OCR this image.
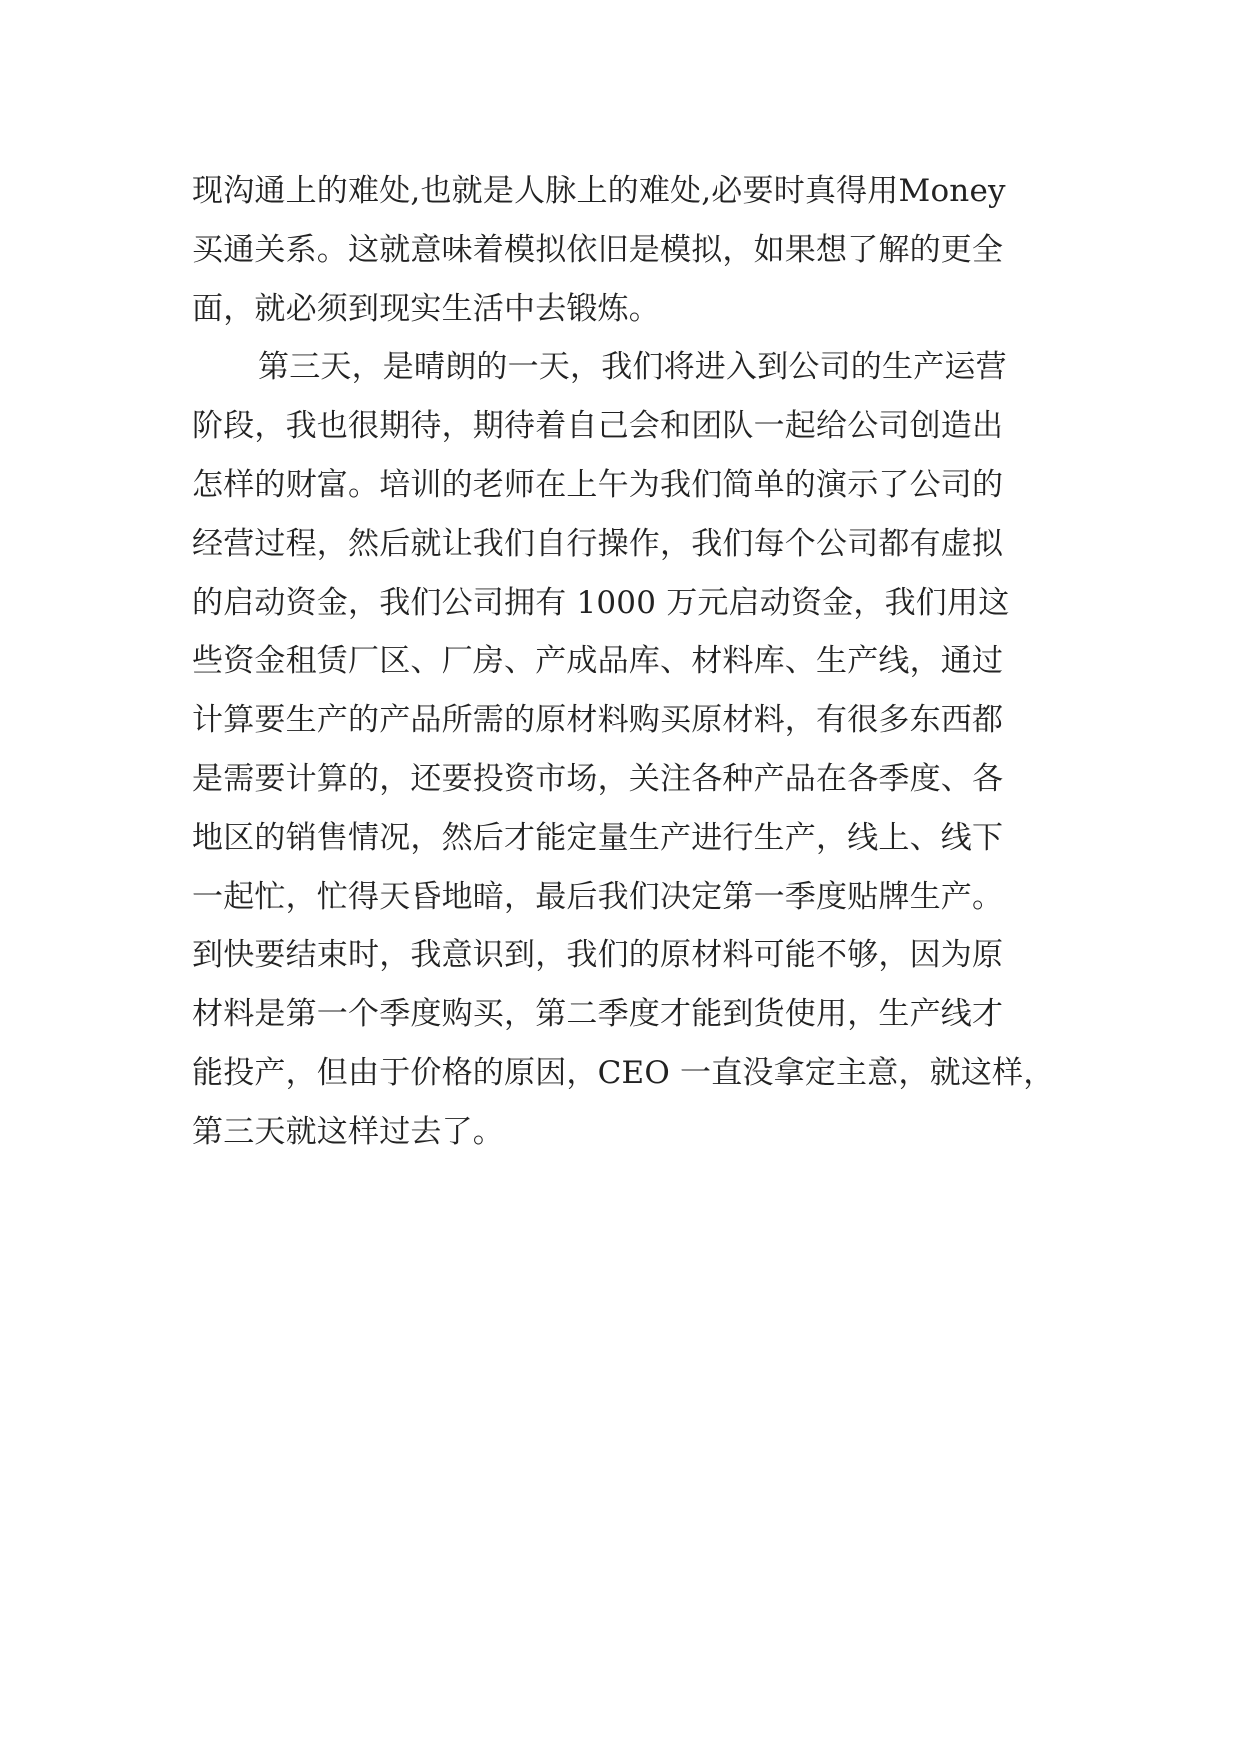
现沟通上的难处,也就是人脉上的难处,必要时真得用Money
买通关系。这就意味着模拟依旧是模拟，如果想了解的更全
面，就必须到现实生活中去锻炼。
第三天，是晴朗的一天，我们将进入到公司的生产运营
阶段，我也很期待，期待着自己会和团队一起给公司创造出
怎样的财富。培训的老师在上午为我们简单的演示了公司的
经营过程，然后就让我们自行操作，我们每个公司都有虚拟
的启动资金，我们公司拥有 1000 万元启动资金，我们用这
些资金租赁厂区、厂房、产成品库、材料库、生产线，通过
计算要生产的产品所需的原材料购买原材料，有很多东西都
是需要计算的，还要投资市场，关注各种产品在各季度、各
地区的销售情况，然后才能定量生产进行生产，线上、线下
一起忙，忙得天昏地暗，最后我们决定第一季度贴牌生产。
到快要结束时，我意识到，我们的原材料可能不够，因为原
材料是第一个季度购买，第二季度才能到货使用，生产线才
能投产，但由于价格的原因，CEO 一直没拿定主意，就这样，
第三天就这样过去了。
